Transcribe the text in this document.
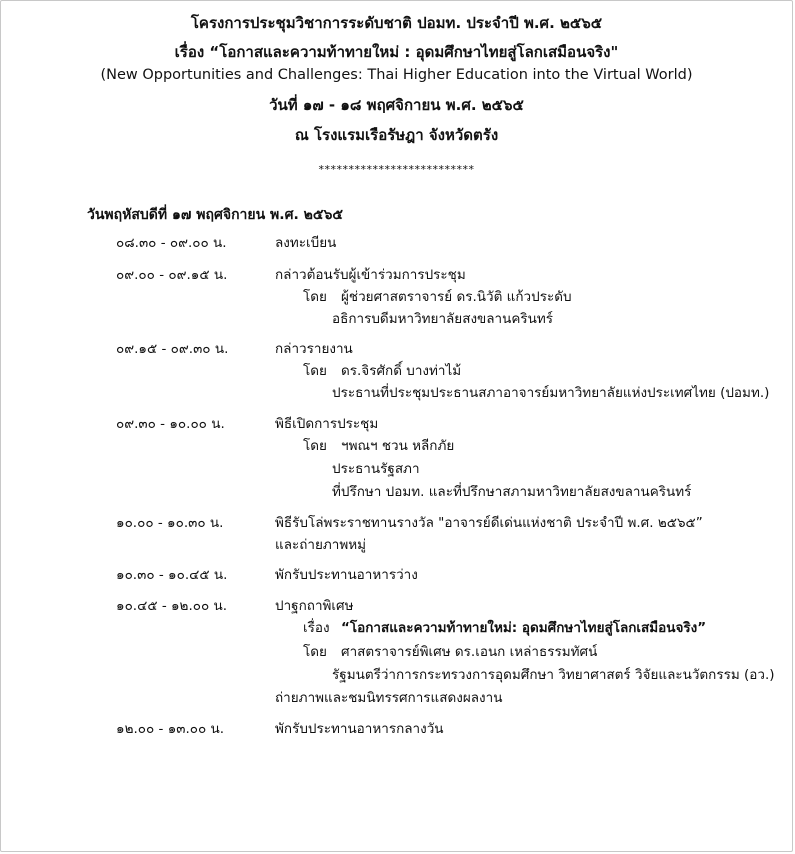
โครงการประชุมวิชาการระดับชาติ ปอมท. ประจำปี พ.ศ. ๒๕๖๕
เรื่อง “โอกาสและความท้าทายใหม่ : อุดมศึกษาไทยสู่โลกเสมือนจริง"
(New Opportunities and Challenges: Thai Higher Education into the Virtual World)
วันที่ ๑๗ - ๑๘ พฤศจิกายน พ.ศ. ๒๕๖๕
ณ โรงแรมเรือรัษฎา จังหวัดตรัง
**************************
วันพฤหัสบดีที่ ๑๗ พฤศจิกายน พ.ศ. ๒๕๖๕
๐๘.๓๐ - ๐๙.๐๐ น.	ลงทะเบียน
๐๙.๐๐ - ๐๙.๑๕ น.	กล่าวต้อนรับผู้เข้าร่วมการประชุม
โดย ผู้ช่วยศาสตราจารย์ ดร.นิวัติ แก้วประดับ
อธิการบดีมหาวิทยาลัยสงขลานครินทร์
๐๙.๑๕ - ๐๙.๓๐ น.	กล่าวรายงาน
โดย ดร.จิรศักดิ์ บางท่าไม้
ประธานที่ประชุมประธานสภาอาจารย์มหาวิทยาลัยแห่งประเทศไทย (ปอมท.)
๐๙.๓๐ - ๑๐.๐๐ น.	พิธีเปิดการประชุม
โดย ฯพณฯ ชวน หลีกภัย
ประธานรัฐสภา
ที่ปรึกษา ปอมท. และที่ปรึกษาสภามหาวิทยาลัยสงขลานครินทร์
๑๐.๐๐ - ๑๐.๓๐ น.	พิธีรับโล่พระราชทานรางวัล "อาจารย์ดีเด่นแห่งชาติ ประจำปี พ.ศ. ๒๕๖๕”
และถ่ายภาพหมู่
๑๐.๓๐ - ๑๐.๔๕ น.	พักรับประทานอาหารว่าง
๑๐.๔๕ - ๑๒.๐๐ น.	ปาฐกถาพิเศษ
เรื่อง “โอกาสและความท้าทายใหม่: อุดมศึกษาไทยสู่โลกเสมือนจริง”
โดย ศาสตราจารย์พิเศษ ดร.เอนก เหล่าธรรมทัศน์
รัฐมนตรีว่าการกระทรวงการอุดมศึกษา วิทยาศาสตร์ วิจัยและนวัตกรรม (อว.)
ถ่ายภาพและชมนิทรรศการแสดงผลงาน
๑๒.๐๐ - ๑๓.๐๐ น.	พักรับประทานอาหารกลางวัน
